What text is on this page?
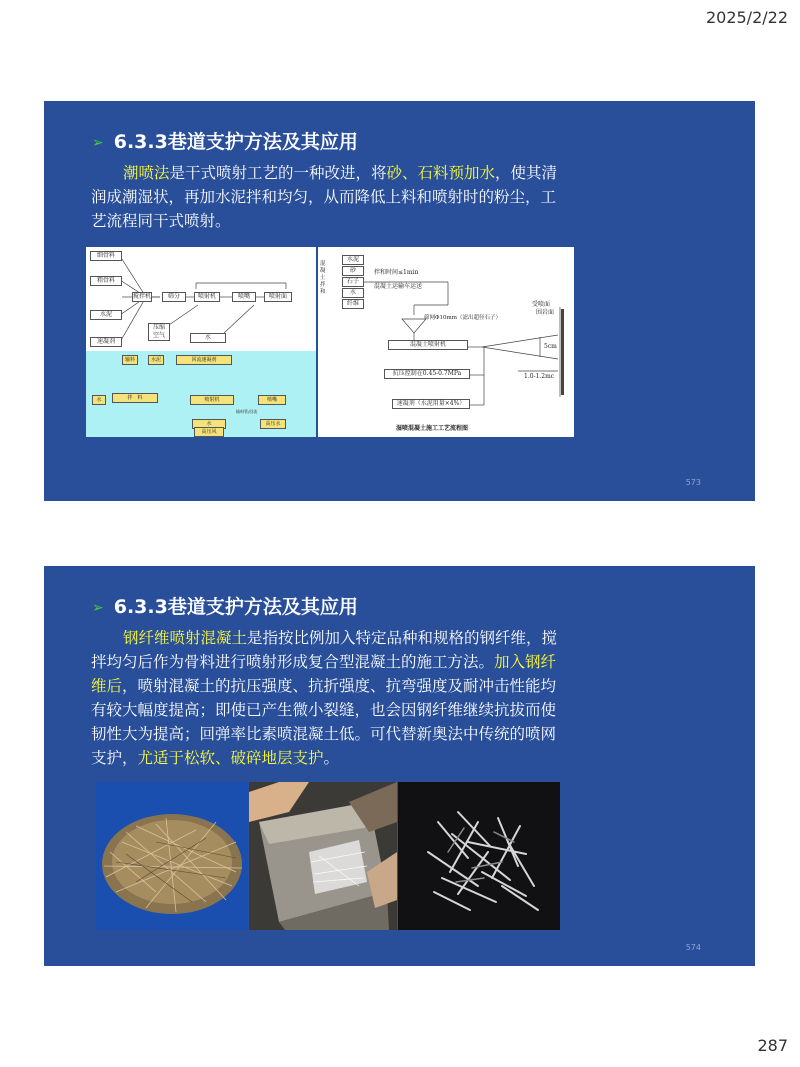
2025/2/22
➢ 6.3.3巷道支护方法及其应用
潮喷法是干式喷射工艺的一种改进，将砂、石料预加水，使其清润成潮湿状，再加水泥拌和均匀，从而降低上料和喷射时的粉尘，工艺流程同干式喷射。
细骨料
粗骨料
水泥
速凝剂
搅拌机	筛分	喷射机	喷嘴	喷射面
压缩
空气	水
输料	水泥	回流速凝剂
水	拌　料	喷射机	喷嘴
水
高压风
高压水
输料管/回流
混凝土拌和
水泥
砂
石子
水
纤维
拌和时间≤1min
混凝土运输车运送
筛网Φ10mm（滤出超径石子）
混凝土喷射机
抗压控制在0.45-0.7MPa
速凝剂（水泥用量×4%）
受喷面
围岩面
1.0-1.2mc
5cm
湿喷混凝土施工工艺流程图
573
➢ 6.3.3巷道支护方法及其应用
钢纤维喷射混凝土是指按比例加入特定品种和规格的钢纤维，搅拌均匀后作为骨料进行喷射形成复合型混凝土的施工方法。加入钢纤维后，喷射混凝土的抗压强度、抗折强度、抗弯强度及耐冲击性能均有较大幅度提高；即使已产生微小裂缝，也会因钢纤维继续抗拔而使韧性大为提高；回弹率比素喷混凝土低。可代替新奥法中传统的喷网支护，尤适于松软、破碎地层支护。
574
287
